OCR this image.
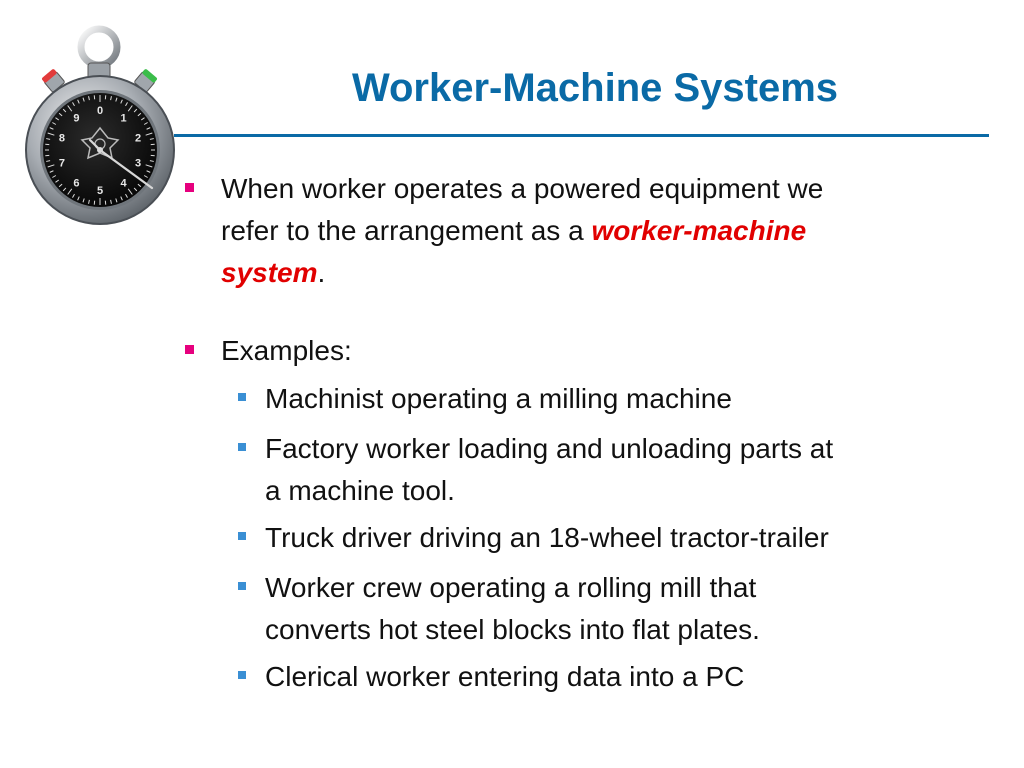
0
1
2
3
4
5
6
7
8
9
Worker-Machine Systems
When worker operates a powered equipment we
refer to the arrangement as a worker-machine
system.
Examples:
Machinist operating a milling machine
Factory worker loading and unloading parts at
a machine tool.
Truck driver driving an 18-wheel tractor-trailer
Worker crew operating a rolling mill that
converts hot steel blocks into flat plates.
Clerical worker entering data into a PC
